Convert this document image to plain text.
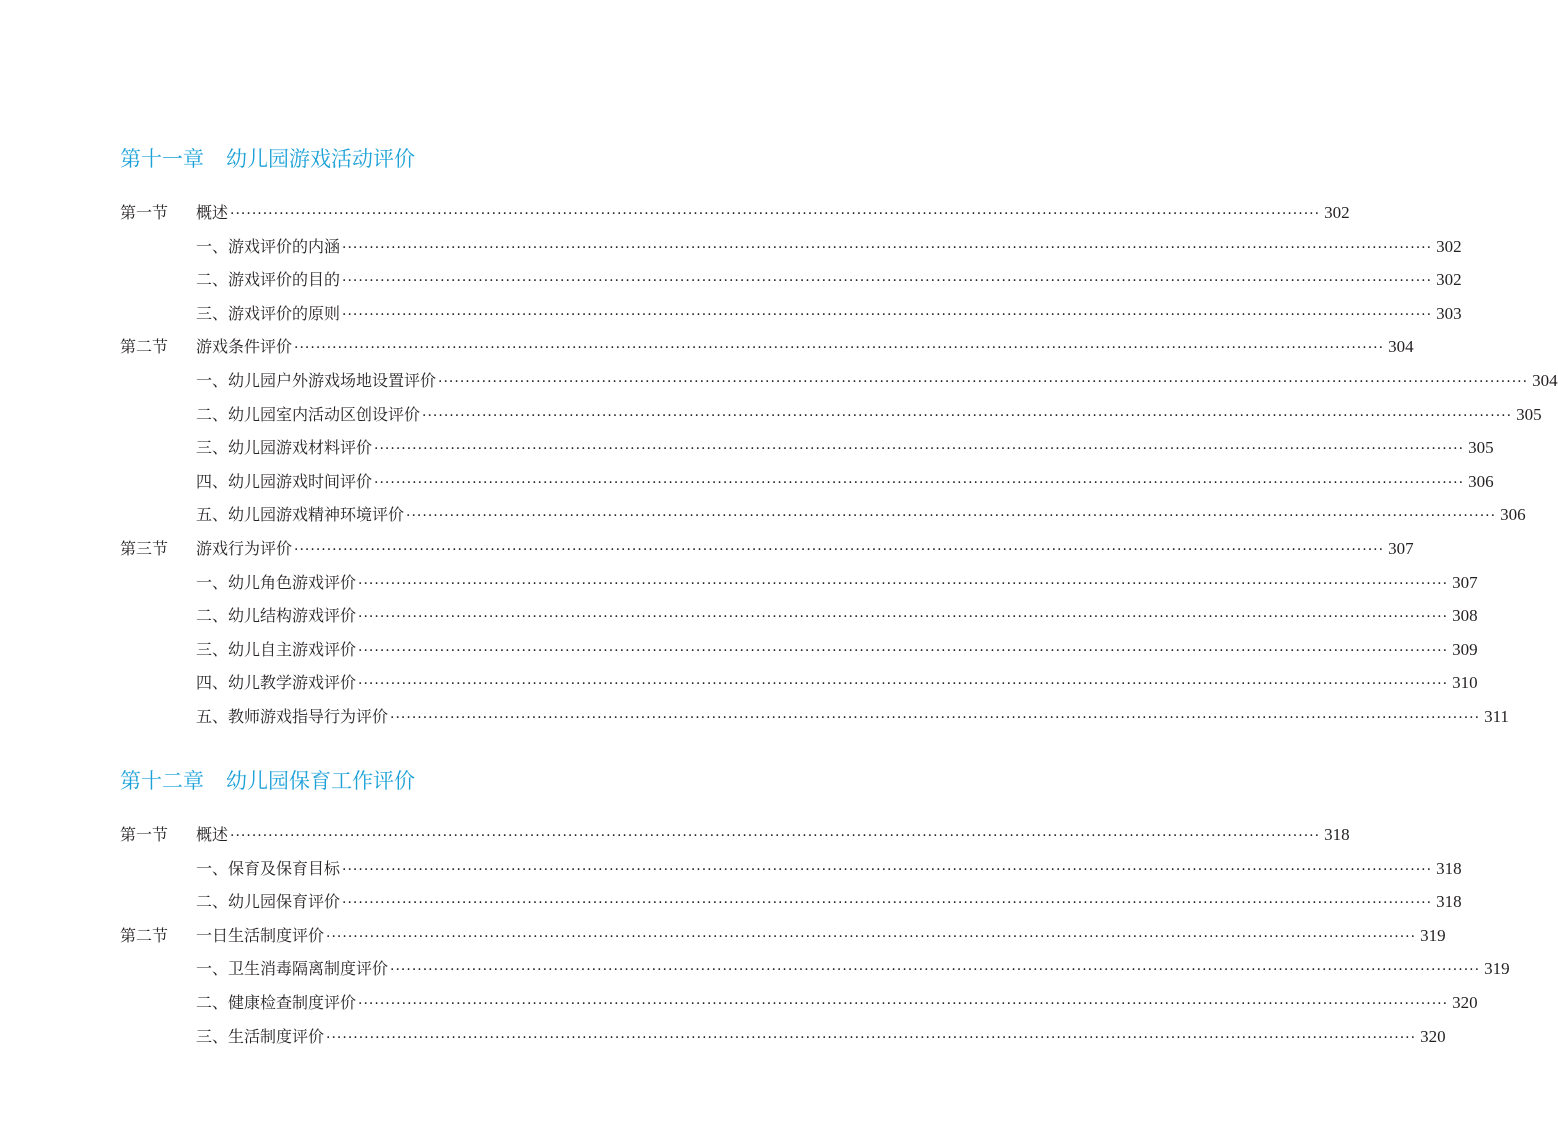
第十一章 幼儿园游戏活动评价
第一节	概述 ········································································································································································································ 302
一、游戏评价的内涵 ········································································································································································································ 302
二、游戏评价的目的 ········································································································································································································ 302
三、游戏评价的原则 ········································································································································································································ 303
第二节	游戏条件评价 ········································································································································································································ 304
一、幼儿园户外游戏场地设置评价 ········································································································································································································ 304
二、幼儿园室内活动区创设评价 ········································································································································································································ 305
三、幼儿园游戏材料评价 ········································································································································································································ 305
四、幼儿园游戏时间评价 ········································································································································································································ 306
五、幼儿园游戏精神环境评价 ········································································································································································································ 306
第三节	游戏行为评价 ········································································································································································································ 307
一、幼儿角色游戏评价 ········································································································································································································ 307
二、幼儿结构游戏评价 ········································································································································································································ 308
三、幼儿自主游戏评价 ········································································································································································································ 309
四、幼儿教学游戏评价 ········································································································································································································ 310
五、教师游戏指导行为评价 ········································································································································································································ 311
第十二章 幼儿园保育工作评价
第一节	概述 ········································································································································································································ 318
一、保育及保育目标 ········································································································································································································ 318
二、幼儿园保育评价 ········································································································································································································ 318
第二节	一日生活制度评价 ········································································································································································································ 319
一、卫生消毒隔离制度评价 ········································································································································································································ 319
二、健康检查制度评价 ········································································································································································································ 320
三、生活制度评价 ········································································································································································································ 320
